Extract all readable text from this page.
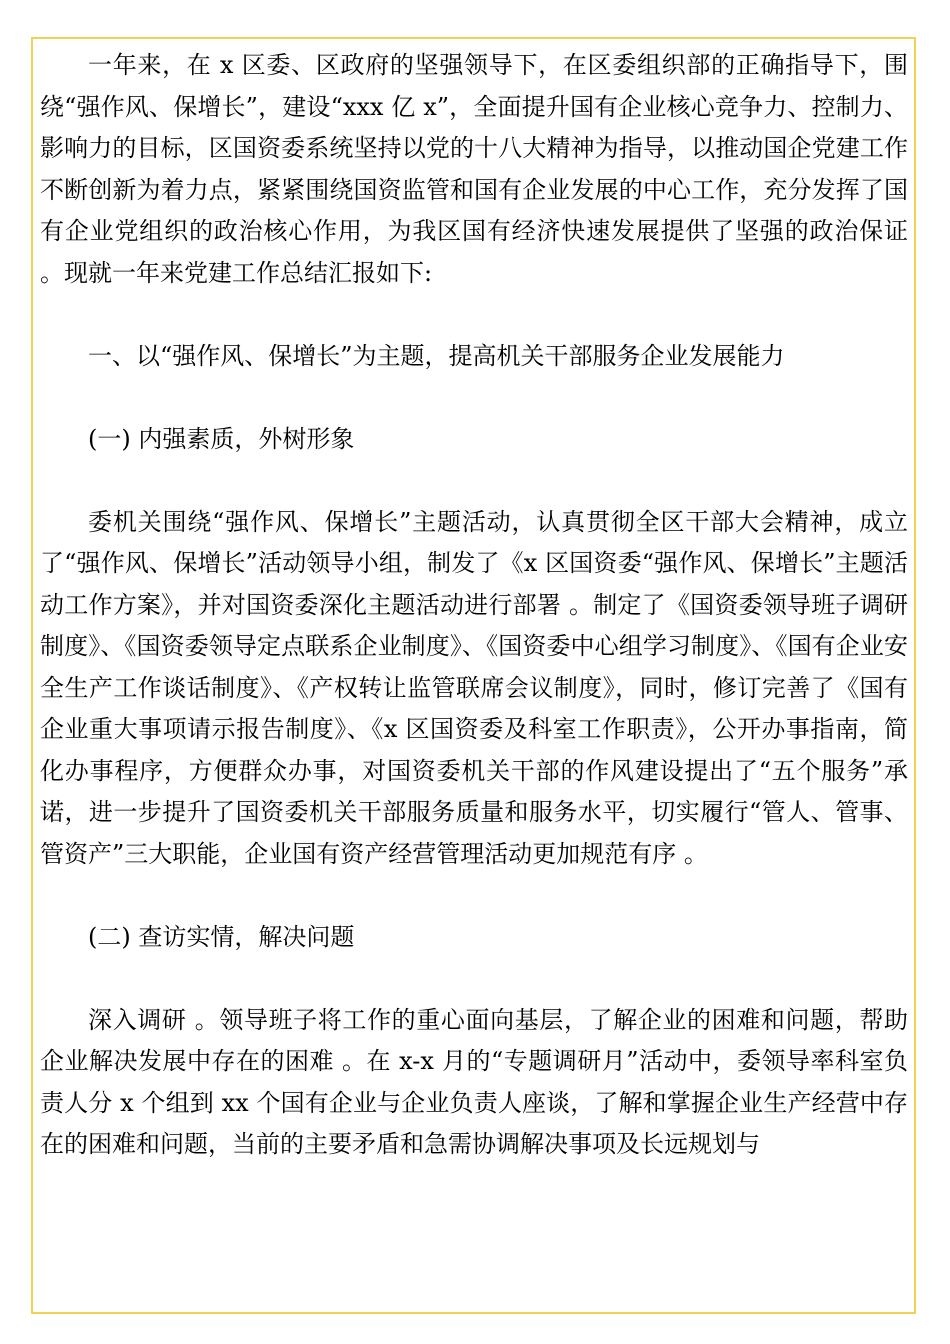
一年来，在 x 区委、区政府的坚强领导下，在区委组织部的正确指导下，围绕“强作风、保增长”，建设“xxx 亿 x”，全面提升国有企业核心竞争力、控制力、影响力的目标，区国资委系统坚持以党的十八大精神为指导，以推动国企党建工作不断创新为着力点，紧紧围绕国资监管和国有企业发展的中心工作，充分发挥了国有企业党组织的政治核心作用，为我区国有经济快速发展提供了坚强的政治保证 。现就一年来党建工作总结汇报如下:

一、以“强作风、保增长”为主题，提高机关干部服务企业发展能力

(一) 内强素质，外树形象

委机关围绕“强作风、保增长”主题活动，认真贯彻全区干部大会精神，成立了“强作风、保增长”活动领导小组，制发了《x 区国资委“强作风、保增长”主题活动工作方案》，并对国资委深化主题活动进行部署 。制定了《国资委领导班子调研制度》、《国资委领导定点联系企业制度》、《国资委中心组学习制度》、《国有企业安全生产工作谈话制度》、《产权转让监管联席会议制度》，同时，修订完善了《国有企业重大事项请示报告制度》、《x 区国资委及科室工作职责》，公开办事指南，简化办事程序，方便群众办事，对国资委机关干部的作风建设提出了“五个服务”承诺，进一步提升了国资委机关干部服务质量和服务水平，切实履行“管人、管事、管资产”三大职能，企业国有资产经营管理活动更加规范有序 。

(二) 查访实情，解决问题

深入调研 。领导班子将工作的重心面向基层，了解企业的困难和问题，帮助企业解决发展中存在的困难 。在 x-x 月的“专题调研月”活动中，委领导率科室负责人分 x 个组到 xx 个国有企业与企业负责人座谈，了解和掌握企业生产经营中存在的困难和问题，当前的主要矛盾和急需协调解决事项及长远规划与
